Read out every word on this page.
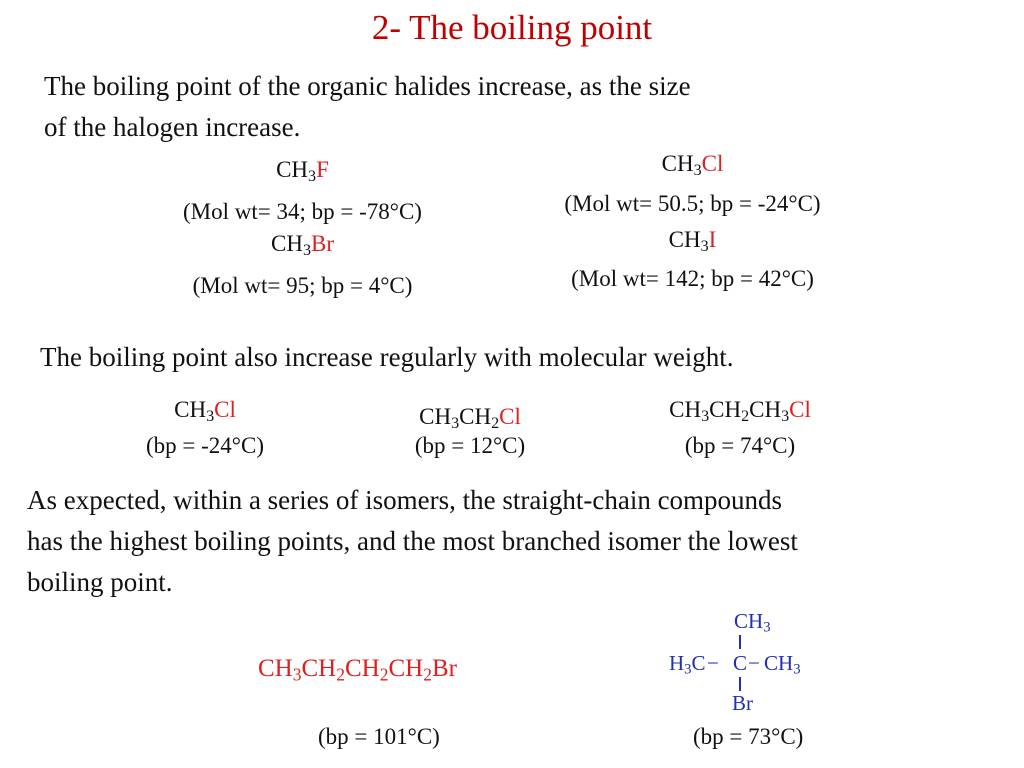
2- The boiling point
The boiling point of the organic halides increase, as the size
of the halogen increase.
$CH_3F$
(Mol wt= 34; bp = -78°C)
$CH_3Cl$
(Mol wt= 50.5; bp = -24°C)
$CH_3Br$
(Mol wt= 95; bp = 4°C)
$CH_3I$
(Mol wt= 142; bp = 42°C)
The boiling point also increase regularly with molecular weight.
$CH_3Cl$
(bp = -24°C)
$CH_3CH_2Cl$
(bp = 12°C)
$CH_3CH_2CH_3Cl$
(bp = 74°C)
As expected, within a series of isomers, the straight-chain compounds
has the highest boiling points, and the most branched isomer the lowest
boiling point.
$CH_3CH_2CH_2CH_2Br$
(bp = 101°C)
$CH_3$
$H_3C - C - CH_3$
Br
(bp = 73°C)
